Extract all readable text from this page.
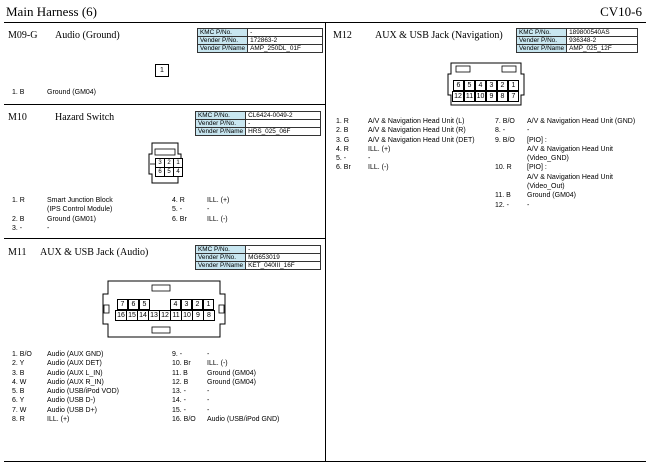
Main Harness (6)	CV10-6
M09-G Audio (Ground)	KMC P/No.	-
Vender P/No.	172863-2
Vender P/Name	AMP_250DL_01F
1
1. B	Ground (GM04)
M10	Hazard Switch	KMC P/No.	CL6424-0049-2
Vender P/No.	-
Vender P/Name	HRS_025_06F
3 2 1
6 5 4
1. R	Smart Junction Block
(IPS Control Module)
2. B	Ground (GM01)
3. -	-
4. R	ILL. (+)
5. -	-
6. Br	ILL. (-)
M11 AUX & USB Jack (Audio)	KMC P/No.	-
Vender P/No.	MG653019
Vender P/Name	KET_040III_16F
7	6	5	4	3	2	1
16 15 14 13 12 11 10 9	8
1. B/O Audio (AUX GND)
2. Y	Audio (AUX DET)
3. B	Audio (AUX L_IN)
4. W	Audio (AUX R_IN)
5. B	Audio (USB/iPod VOD)
6. Y	Audio (USB D-)
7. W	Audio (USB D+)
8. R	ILL. (+)
9. -	-
10. Br ILL. (-)
11. B	Ground (GM04)
12. B	Ground (GM04)
13. -	-
14. -	-
15. -	-
16. B/O Audio (USB/iPod GND)
M12 AUX & USB Jack (Navigation)	KMC P/No.	189800540AS
Vender P/No.	936348-2
Vender P/Name	AMP_025_12F
6	5	4	3	2	1
12 11 10 9	8	7
1. R	A/V & Navigation Head Unit (L)
2. B	A/V & Navigation Head Unit (R)
3. G	A/V & Navigation Head Unit (DET)
4. R	ILL. (+)
5. -	-
6. Br ILL. (-)
7. B/O A/V & Navigation Head Unit (GND)
8. -	-
9. B/O [PIO] :
A/V & Navigation Head Unit
(Video_GND)
10. R [PIO] :
A/V & Navigation Head Unit
(Video_Out)
11. B Ground (GM04)
12. -	-
